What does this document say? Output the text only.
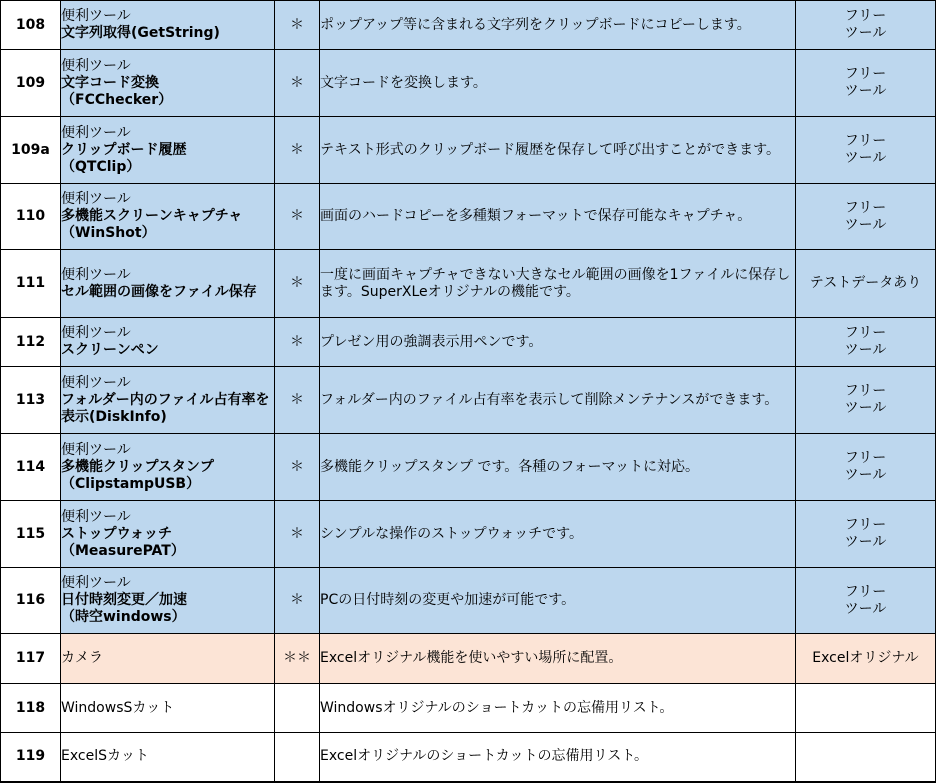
108	便利ツール
文字列取得(GetString)	＊	ポップアップ等に含まれる文字列をクリップボードにコピーします。	フリー
ツール
109	便利ツール
文字コード変換
（FCChecker）	＊	文字コードを変換します。	フリー
ツール
109a	便利ツール
クリップボード履歴
（QTClip）	＊	テキスト形式のクリップボード履歴を保存して呼び出すことができます。	フリー
ツール
110	便利ツール
多機能スクリーンキャプチャ
（WinShot）	＊	画面のハードコピーを多種類フォーマットで保存可能なキャプチャ。	フリー
ツール
111	便利ツール
セル範囲の画像をファイル保存	＊	一度に画面キャプチャできない大きなセル範囲の画像を1ファイルに保存します。SuperXLeオリジナルの機能です。	テストデータあり
112	便利ツール
スクリーンペン	＊	プレゼン用の強調表示用ペンです。	フリー
ツール
113	便利ツール
フォルダー内のファイル占有率を表示(DiskInfo)	＊	フォルダー内のファイル占有率を表示して削除メンテナンスができます。	フリー
ツール
114	便利ツール
多機能クリップスタンプ
（ClipstampUSB）	＊	多機能クリップスタンプ です。各種のフォーマットに対応。	フリー
ツール
115	便利ツール
ストップウォッチ
（MeasurePAT）	＊	シンプルな操作のストップウォッチです。	フリー
ツール
116	便利ツール
日付時刻変更／加速
（時空windows）	＊	PCの日付時刻の変更や加速が可能です。	フリー
ツール
117	カメラ	＊＊	Excelオリジナル機能を使いやすい場所に配置。	Excelオリジナル
118	WindowsSカット		Windowsオリジナルのショートカットの忘備用リスト。	
119	ExcelSカット		Excelオリジナルのショートカットの忘備用リスト。	
